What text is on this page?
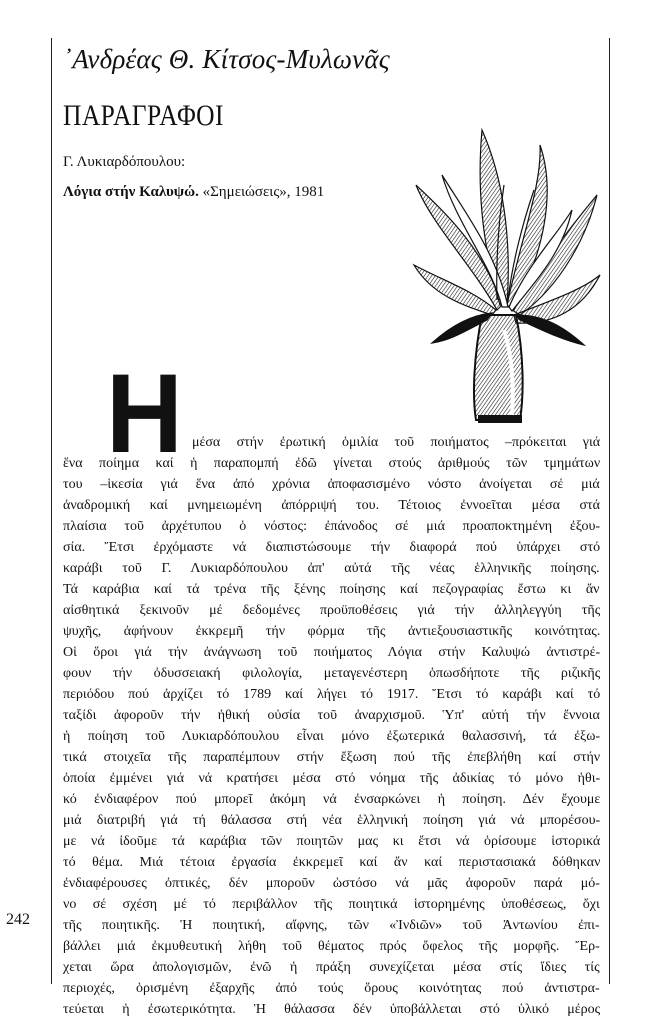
᾿Ανδρέας Θ. Κίτσος-Μυλωνᾶς
ΠΑΡΑΓΡΑΦΟΙ
Γ. Λυκιαρδόπουλου:
Λόγια στήν Καλυψώ. «Σημειώσεις», 1981
Η μέσα στήν ἐρωτική ὁμιλία τοῦ ποιήματος –πρόκειται γιά
ἕνα ποίημα καί ἡ παραπομπή ἐδῶ γίνεται στούς ἀριθμούς τῶν τμημάτων
του –ἱκεσία γιά ἕνα ἀπό χρόνια ἀποφασισμένο νόστο ἀνοίγεται σέ μιά
ἀναδρομική καί μνημειωμένη ἀπόρριψή του. Τέτοιος ἐννοεῖται μέσα στά
πλαίσια τοῦ ἀρχέτυπου ὁ νόστος: ἐπάνοδος σέ μιά προαποκτημένη ἐξου-
σία. Ἔτσι ἐρχόμαστε νά διαπιστώσουμε τήν διαφορά πού ὑπάρχει στό
καράβι τοῦ Γ. Λυκιαρδόπουλου ἀπ' αὐτά τῆς νέας ἑλληνικῆς ποίησης.
Τά καράβια καί τά τρένα τῆς ξένης ποίησης καί πεζογραφίας ἔστω κι ἄν
αἰσθητικά ξεκινοῦν μέ δεδομένες προϋποθέσεις γιά τήν ἀλληλεγγύη τῆς
ψυχῆς, ἀφήνουν ἐκκρεμῆ τήν φόρμα τῆς ἀντιεξουσιαστικῆς κοινότητας.
Οἱ ὅροι γιά τήν ἀνάγνωση τοῦ ποιήματος Λόγια στήν Καλυψώ ἀντιστρέ-
φουν τήν ὀδυσσειακή φιλολογία, μεταγενέστερη ὁπωσδήποτε τῆς ριζικῆς
περιόδου πού ἀρχίζει τό 1789 καί λήγει τό 1917. Ἔτσι τό καράβι καί τό
ταξίδι ἀφοροῦν τήν ἠθική οὐσία τοῦ ἀναρχισμοῦ. Ὑπ' αὐτή τήν ἔννοια
ἡ ποίηση τοῦ Λυκιαρδόπουλου εἶναι μόνο ἐξωτερικά θαλασσινή, τά ἐξω-
τικά στοιχεῖα τῆς παραπέμπουν στήν ἔξωση πού τῆς ἐπεβλήθη καί στήν
ὁποία ἐμμένει γιά νά κρατήσει μέσα στό νόημα τῆς ἀδικίας τό μόνο ἠθι-
κό ἐνδιαφέρον πού μπορεῖ ἀκόμη νά ἐνσαρκώνει ἡ ποίηση. Δέν ἔχουμε
μιά διατριβή γιά τή θάλασσα στή νέα ἑλληνική ποίηση γιά νά μπορέσου-
με νά ἰδοῦμε τά καράβια τῶν ποιητῶν μας κι ἔτσι νά ὁρίσουμε ἱστορικά
τό θέμα. Μιά τέτοια ἐργασία ἐκκρεμεῖ καί ἄν καί περιστασιακά δόθηκαν
ἐνδιαφέρουσες ὀπτικές, δέν μποροῦν ὡστόσο νά μᾶς ἀφοροῦν παρά μό-
νο σέ σχέση μέ τό περιβάλλον τῆς ποιητικά ἱστορημένης ὑποθέσεως, ὄχι
τῆς ποιητικῆς. Ἡ ποιητική, αἴφνης, τῶν «Ἰνδιῶν» τοῦ Ἀντωνίου ἐπι-
βάλλει μιά ἐκμυθευτική λήθη τοῦ θέματος πρός ὄφελος τῆς μορφῆς. Ἔρ-
χεται ὥρα ἀπολογισμῶν, ἐνῶ ἡ πράξη συνεχίζεται μέσα στίς ἴδιες τίς
περιοχές, ὁρισμένη ἐξαρχῆς ἀπό τούς ὅρους κοινότητας πού ἀντιστρα-
τεύεται ἡ ἐσωτερικότητα. Ἡ θάλασσα δέν ὑποβάλλεται στό ὑλικό μέρος
242
